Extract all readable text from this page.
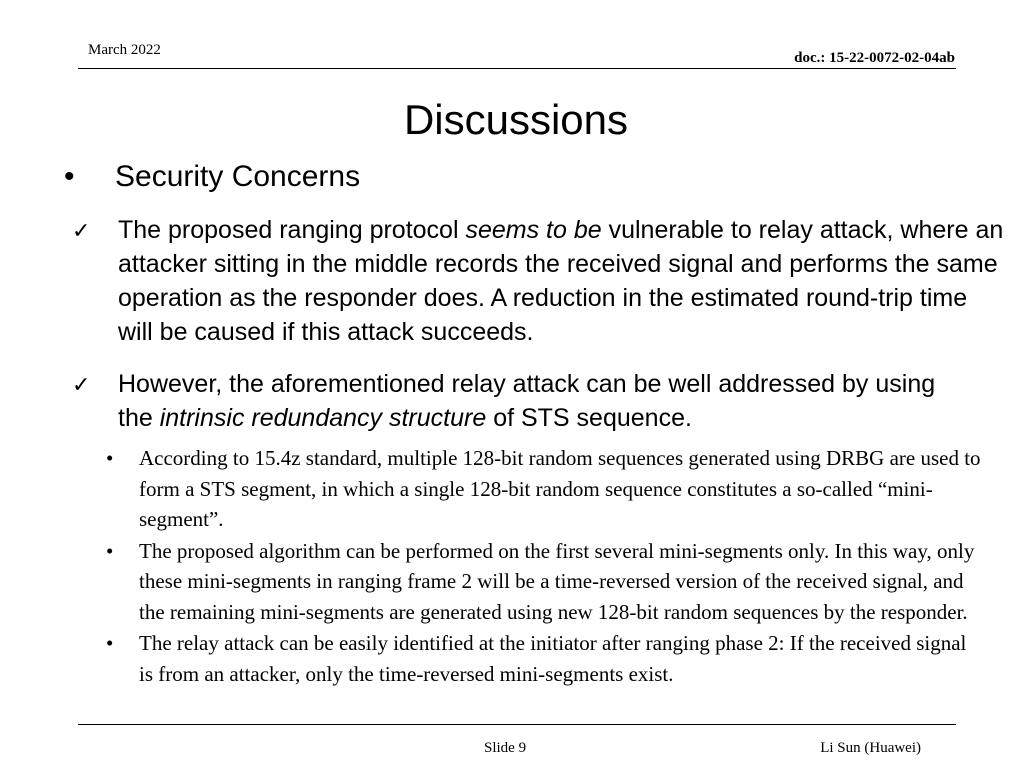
March 2022	doc.: 15-22-0072-02-04ab
Discussions
• Security Concerns
✓ The proposed ranging protocol seems to be vulnerable to relay attack, where an attacker sitting in the middle records the received signal and performs the same operation as the responder does. A reduction in the estimated round-trip time will be caused if this attack succeeds.

✓ However, the aforementioned relay attack can be well addressed by using the intrinsic redundancy structure of STS sequence.

• According to 15.4z standard, multiple 128-bit random sequences generated using DRBG are used to form a STS segment, in which a single 128-bit random sequence constitutes a so-called “mini-segment”.
• The proposed algorithm can be performed on the first several mini-segments only. In this way, only these mini-segments in ranging frame 2 will be a time-reversed version of the received signal, and the remaining mini-segments are generated using new 128-bit random sequences by the responder.
• The relay attack can be easily identified at the initiator after ranging phase 2: If the received signal is from an attacker, only the time-reversed mini-segments exist.
Slide 9	Li Sun (Huawei)
